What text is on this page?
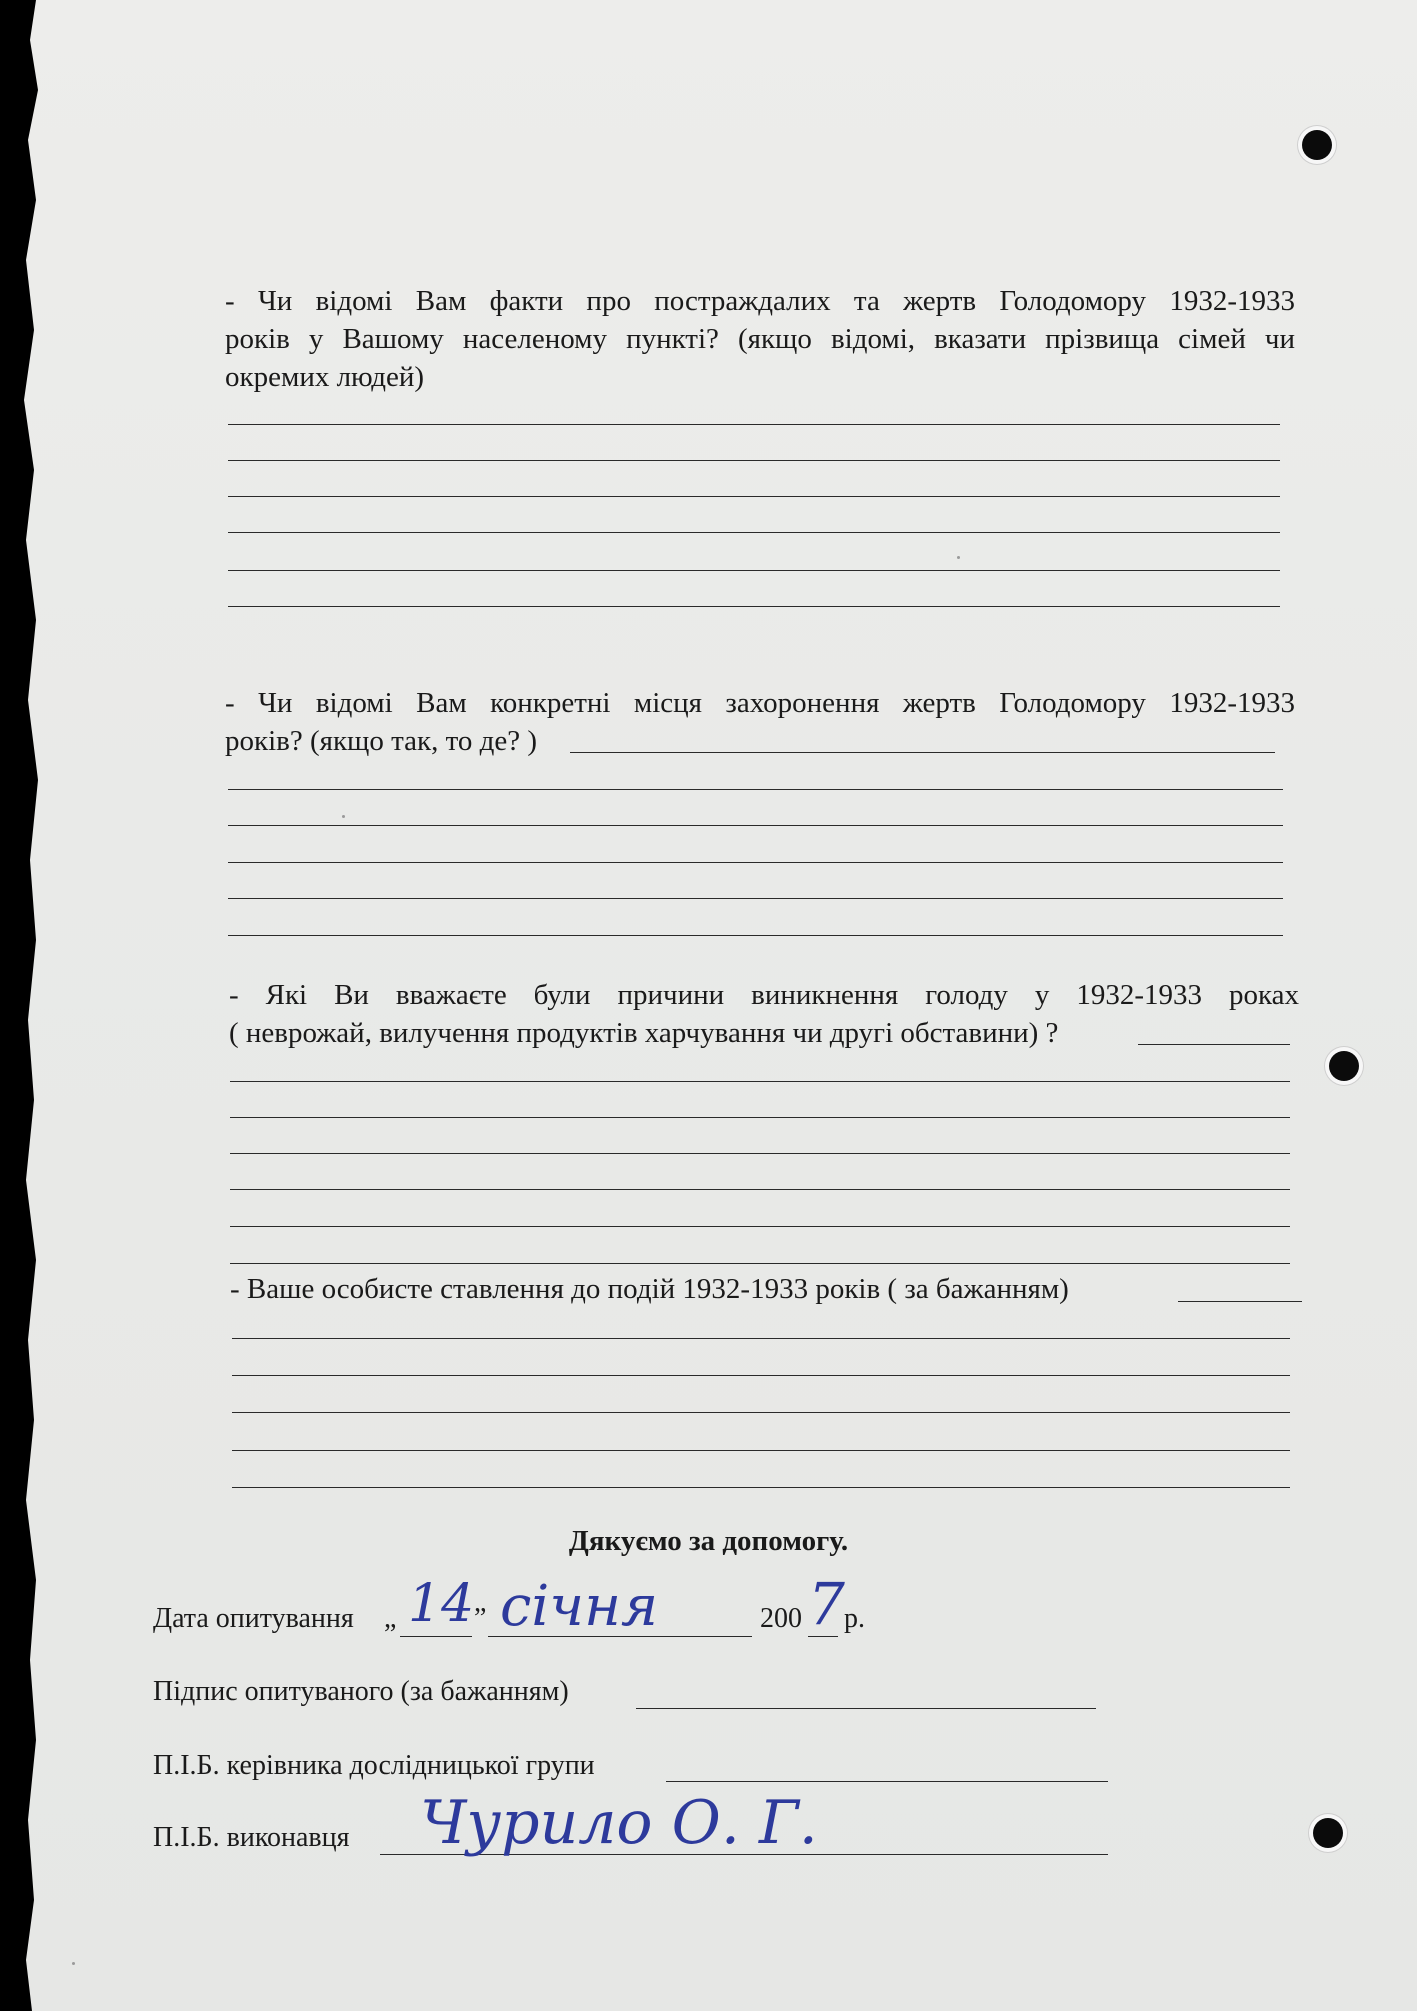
- Чи відомі Вам факти про постраждалих та жертв Голодомору 1932-1933
років у Вашому населеному пункті? (якщо відомі, вказати прізвища сімей чи
окремих людей)
- Чи відомі Вам конкретні місця захоронення жертв Голодомору 1932-1933
років? (якщо так, то де? )
- Які Ви вважаєте були причини виникнення голоду у 1932-1933 роках
( неврожай, вилучення продуктів харчування чи другі обставини) ?
- Ваше особисте ставлення до подій 1932-1933 років ( за бажанням)
Дякуємо за допомогу.
Дата опитування „ 14 ” січня	200 7 р.
Підпис опитуваного (за бажанням)
П.І.Б. керівника дослідницької групи
П.І.Б. виконавця Чурило О. Г.
